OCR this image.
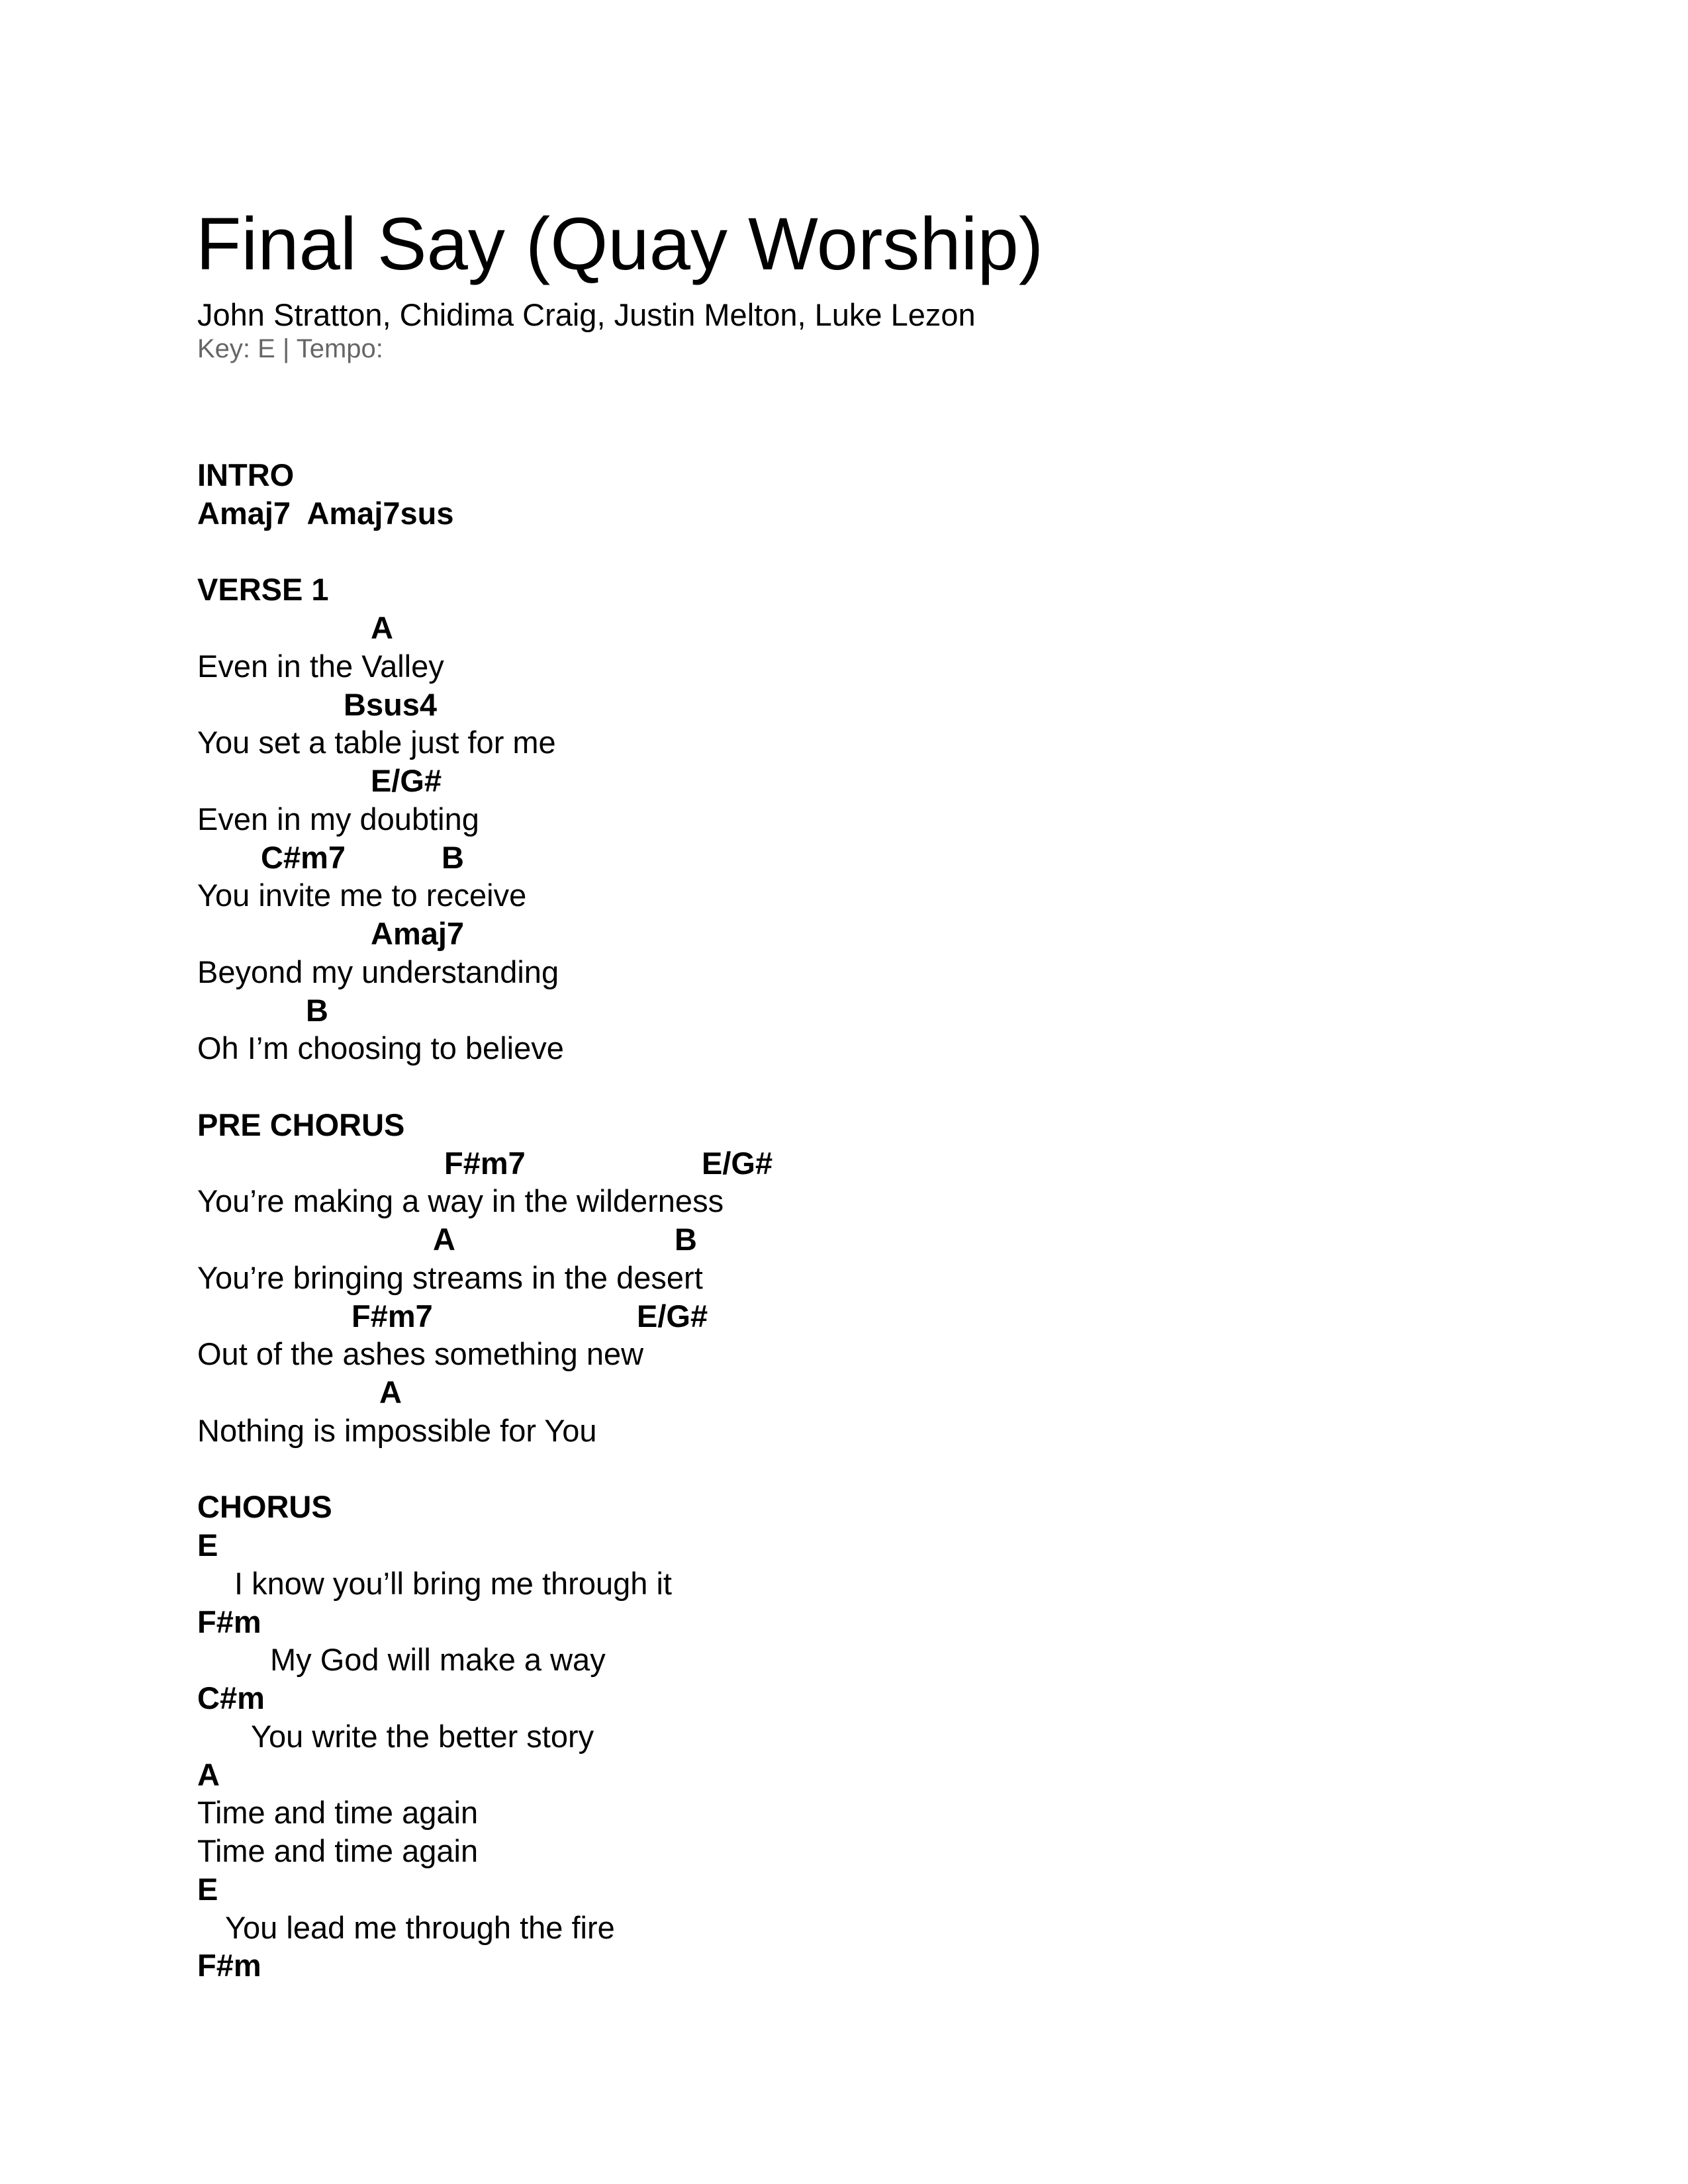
Final Say (Quay Worship)
John Stratton, Chidima Craig, Justin Melton, Luke Lezon
Key: E | Tempo:
INTRO
Amaj7  Amaj7sus
VERSE 1
A
Even in the Valley
Bsus4
You set a table just for me
E/G#
Even in my doubting
C#m7	B
You invite me to receive
Amaj7
Beyond my understanding
B
Oh I’m choosing to believe
PRE CHORUS
F#m7	E/G#
You’re making a way in the wilderness
A	B
You’re bringing streams in the desert
F#m7	E/G#
Out of the ashes something new
A
Nothing is impossible for You
CHORUS
E
I know you’ll bring me through it
F#m
My God will make a way
C#m
You write the better story
A
Time and time again
Time and time again
E
You lead me through the fire
F#m
